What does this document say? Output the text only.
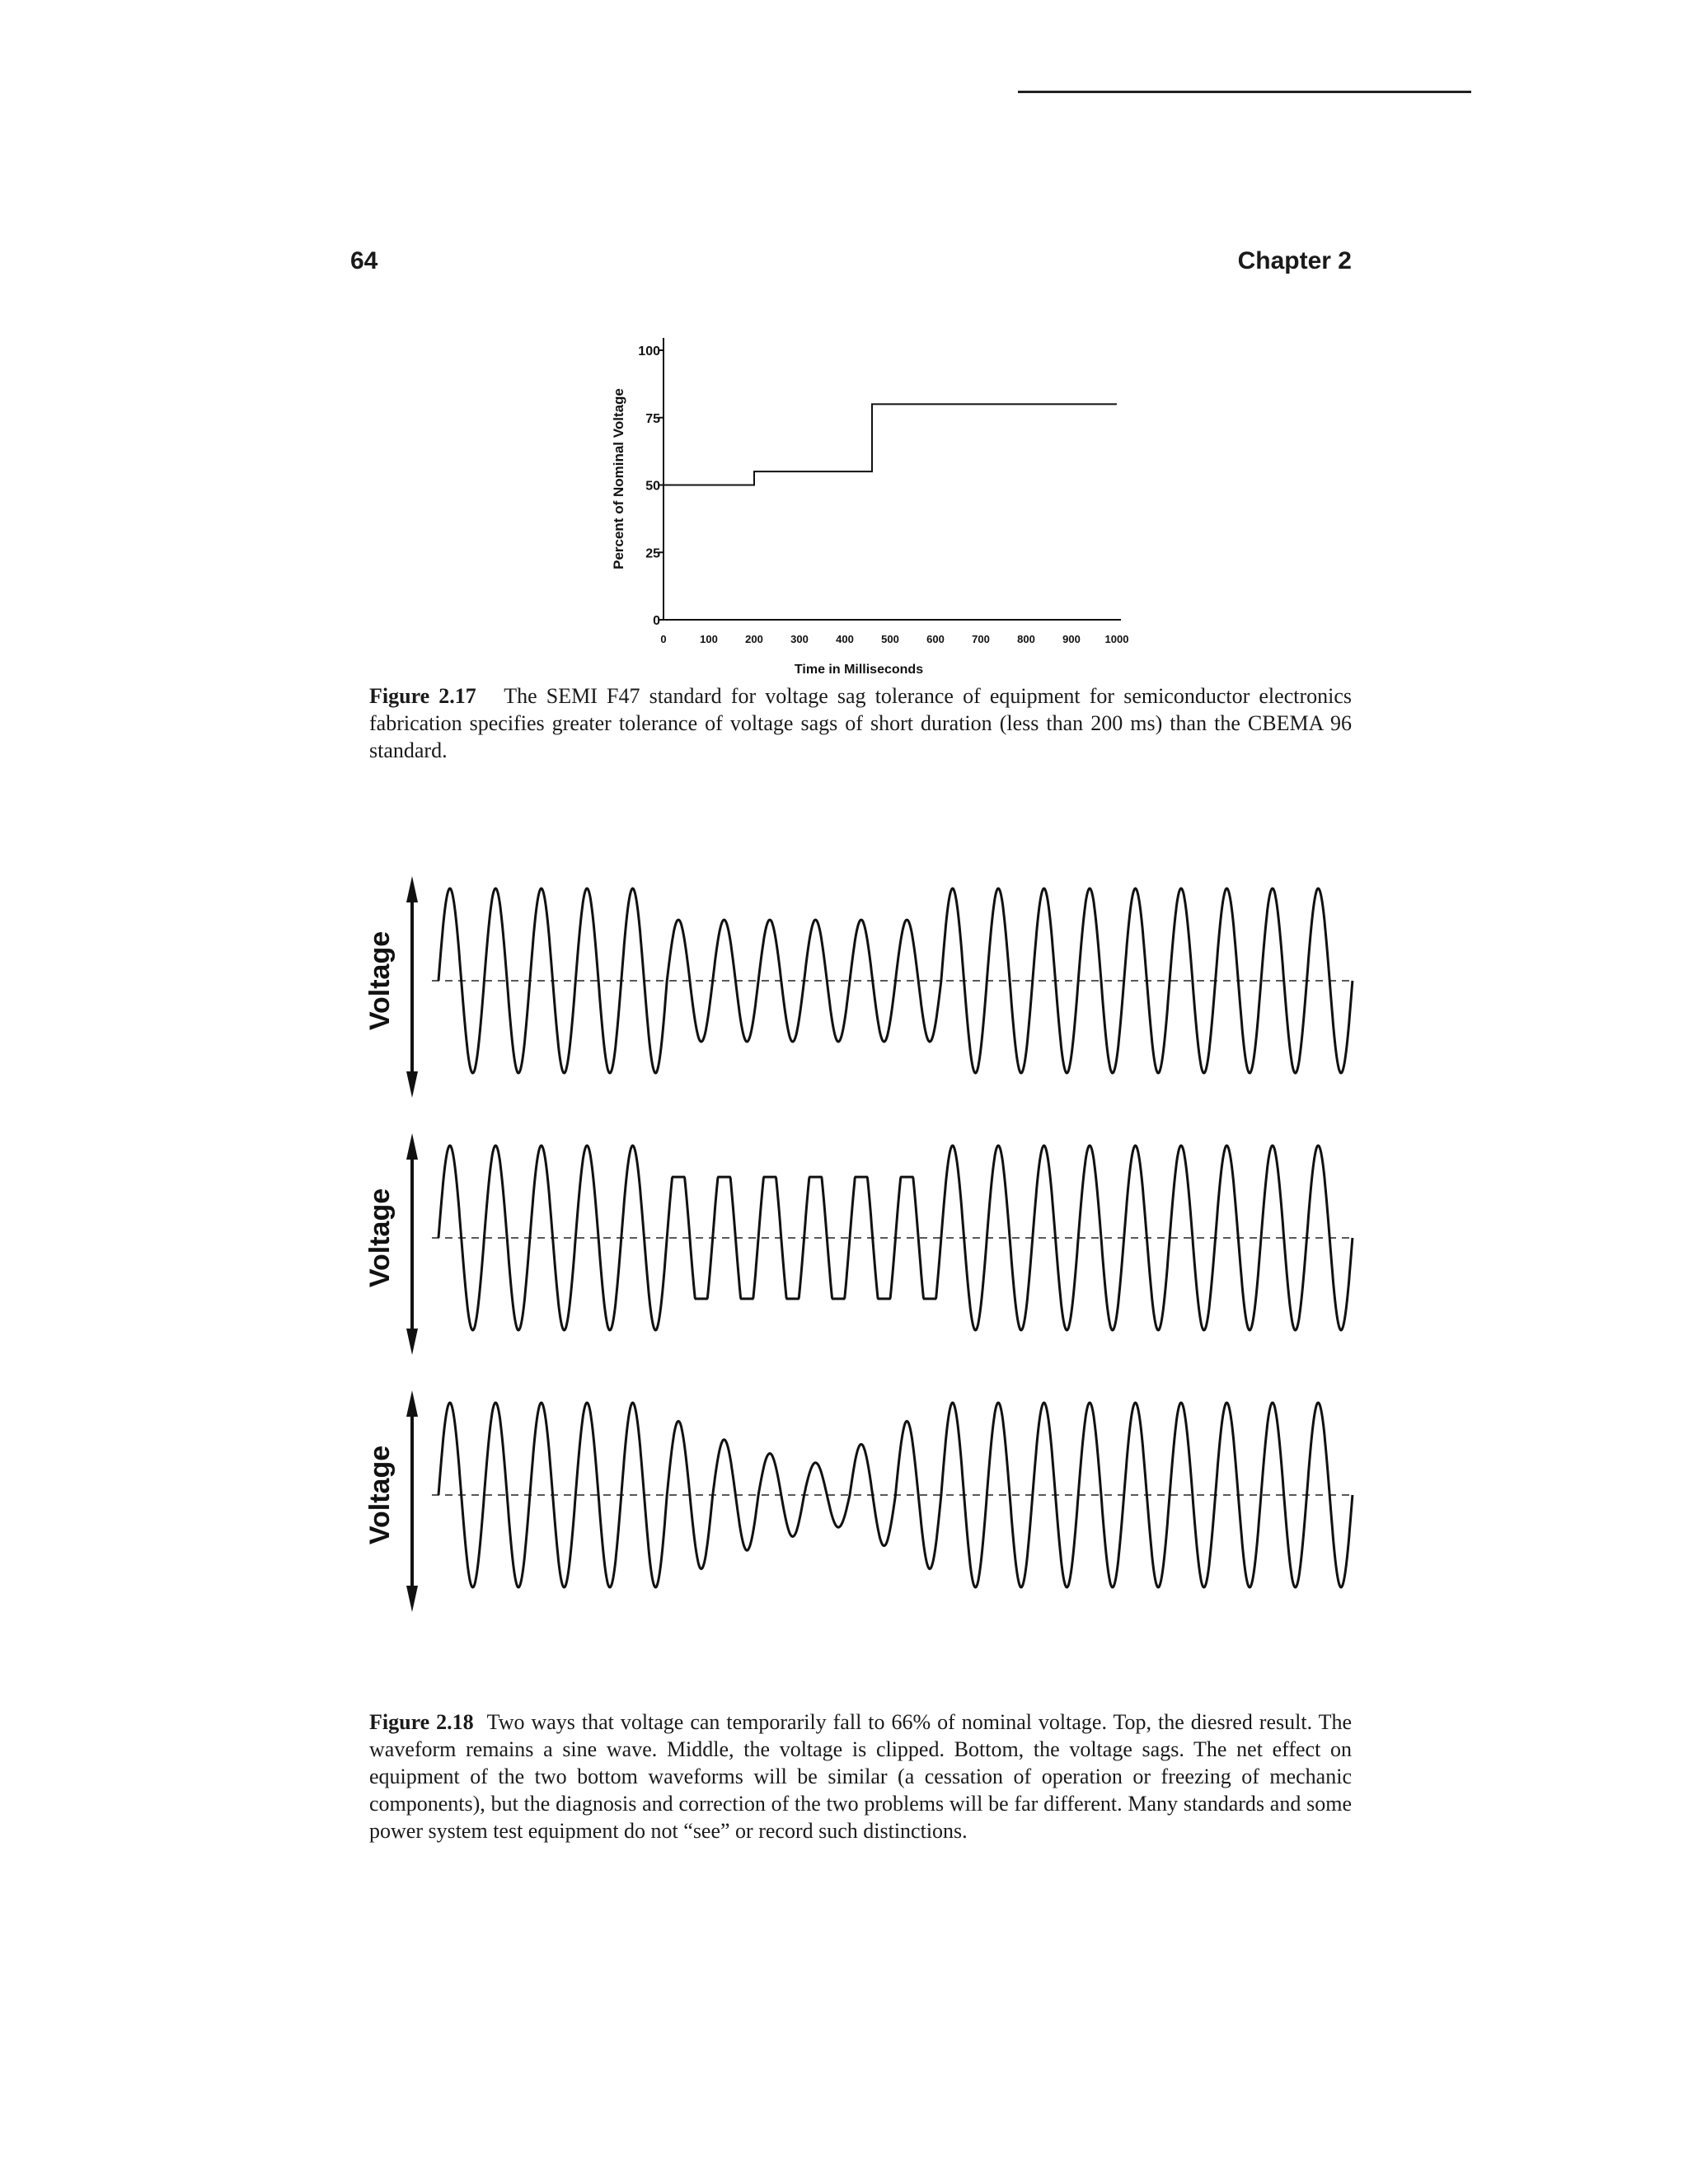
64	Chapter 2
0
25
50
75
100
0	100	200	300	400	500	600	700	800	900 1000
Percent of Nominal Voltage
Time in Milliseconds
Figure 2.17 The SEMI F47 standard for voltage sag tolerance of equipment for semiconductor electronics fabrication specifies greater tolerance of voltage sags of short duration (less than 200 ms) than the CBEMA 96 standard.
Voltage
Voltage
Voltage
Figure 2.18 Two ways that voltage can temporarily fall to 66% of nominal voltage. Top, the diesred result. The waveform remains a sine wave. Middle, the voltage is clipped. Bottom, the voltage sags. The net effect on equipment of the two bottom waveforms will be similar (a cessation of operation or freezing of mechanic components), but the diagnosis and correction of the two problems will be far different. Many standards and some power system test equipment do not “see” or record such distinctions.
